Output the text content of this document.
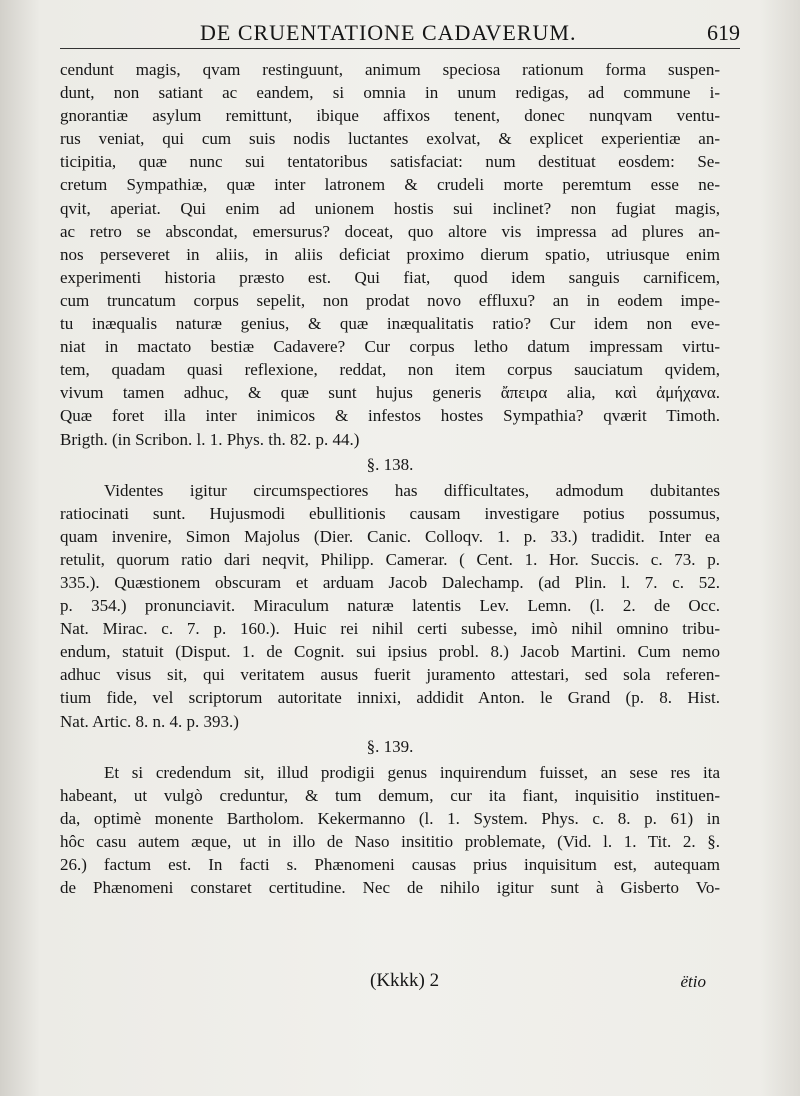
DE CRUENTATIONE CADAVERUM.	619
cendunt magis, qvam restinguunt, animum speciosa rationum forma suspen-
dunt, non satiant ac eandem, si omnia in unum redigas, ad commune i-
gnorantiæ asylum remittunt, ibique affixos tenent, donec nunqvam ventu-
rus veniat, qui cum suis nodis luctantes exolvat, & explicet experientiæ an-
ticipitia, quæ nunc sui tentatoribus satisfaciat: num destituat eosdem: Se-
cretum Sympathiæ, quæ inter latronem & crudeli morte peremtum esse ne-
qvit, aperiat. Qui enim ad unionem hostis sui inclinet? non fugiat magis,
ac retro se abscondat, emersurus? doceat, quo altore vis impressa ad plures an-
nos perseveret in aliis, in aliis deficiat proximo dierum spatio, utriusque enim
experimenti historia præsto est. Qui fiat, quod idem sanguis carnificem,
cum truncatum corpus sepelit, non prodat novo effluxu? an in eodem impe-
tu inæqualis naturæ genius, & quæ inæqualitatis ratio? Cur idem non eve-
niat in mactato bestiæ Cadavere? Cur corpus letho datum impressam virtu-
tem, quadam quasi reflexione, reddat, non item corpus sauciatum qvidem,
vivum tamen adhuc, & quæ sunt hujus generis ἄπειρα alia, καὶ ἀμήχανα.
Quæ foret illa inter inimicos & infestos hostes Sympathia? qværit Timoth.
Brigth. (in Scribon. l. 1. Phys. th. 82. p. 44.)
§. 138.
Videntes igitur circumspectiores has difficultates, admodum dubitantes
ratiocinati sunt. Hujusmodi ebullitionis causam investigare potius possumus,
quam invenire, Simon Majolus (Dier. Canic. Colloqv. 1. p. 33.) tradidit. Inter ea
retulit, quorum ratio dari neqvit, Philipp. Camerar. ( Cent. 1. Hor. Succis. c. 73. p.
335.). Quæstionem obscuram et arduam Jacob Dalechamp. (ad Plin. l. 7. c. 52.
p. 354.) pronunciavit. Miraculum naturæ latentis Lev. Lemn. (l. 2. de Occ.
Nat. Mirac. c. 7. p. 160.). Huic rei nihil certi subesse, imò nihil omnino tribu-
endum, statuit (Disput. 1. de Cognit. sui ipsius probl. 8.) Jacob Martini. Cum nemo
adhuc visus sit, qui veritatem ausus fuerit juramento attestari, sed sola referen-
tium fide, vel scriptorum autoritate innixi, addidit Anton. le Grand (p. 8. Hist.
Nat. Artic. 8. n. 4. p. 393.)
§. 139.
Et si credendum sit, illud prodigii genus inquirendum fuisset, an sese res ita
habeant, ut vulgò creduntur, & tum demum, cur ita fiant, inquisitio instituen-
da, optimè monente Bartholom. Kekermanno (l. 1. System. Phys. c. 8. p. 61) in
hôc casu autem æque, ut in illo de Naso insititio problemate, (Vid. l. 1. Tit. 2. §.
26.) factum est. In facti s. Phænomeni causas prius inquisitum est, autequam
de Phænomeni constaret certitudine. Nec de nihilo igitur sunt à Gisberto Vo-
(Kkkk) 2	ëtio
